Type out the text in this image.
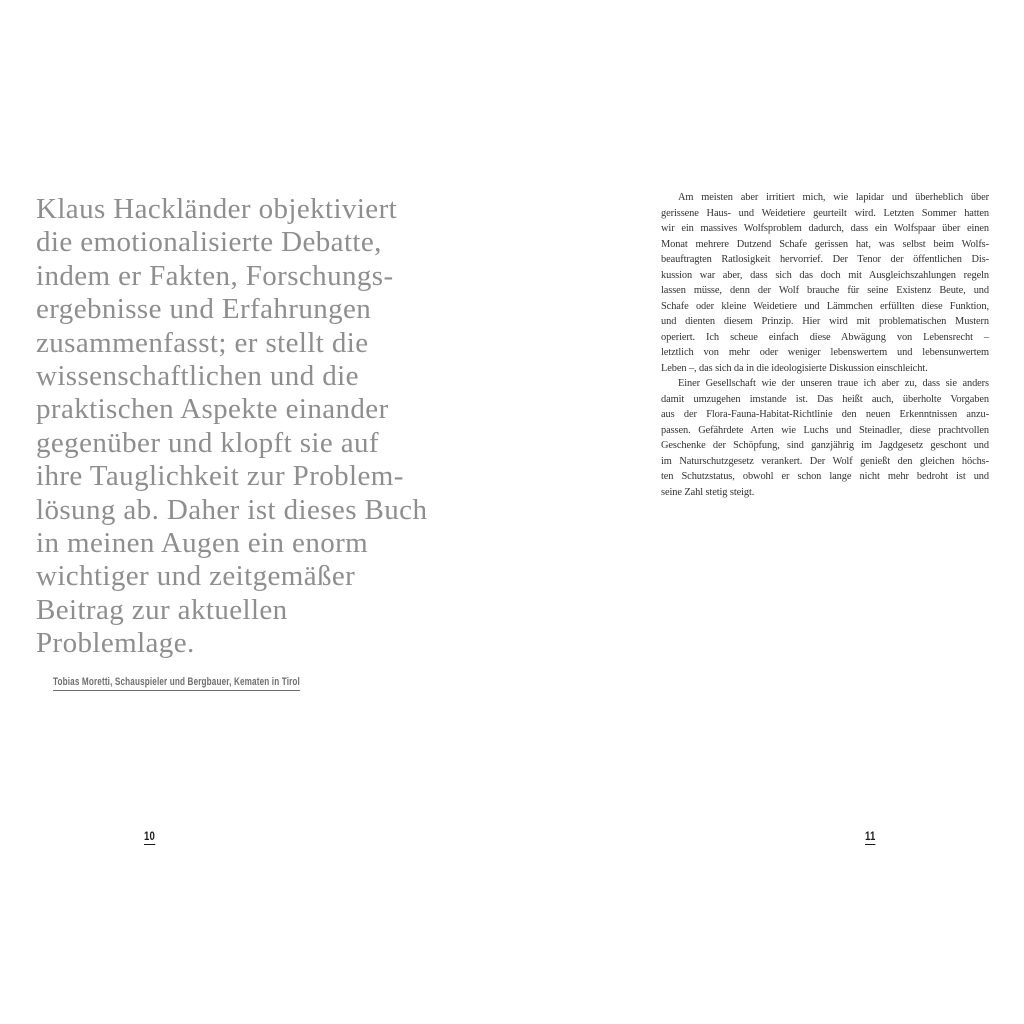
Klaus Hackländer objektiviert
die emotionalisierte Debatte,
indem er Fakten, Forschungs-
ergebnisse und Erfahrungen
zusammenfasst; er stellt die
wissenschaftlichen und die
praktischen Aspekte einander
gegenüber und klopft sie auf
ihre Tauglichkeit zur Problem-
lösung ab. Daher ist dieses Buch
in meinen Augen ein enorm
wichtiger und zeitgemäßer
Beitrag zur aktuellen
Problemlage.

Tobias Moretti, Schauspieler und Bergbauer, Kematen in Tirol

10
Am meisten aber irritiert mich, wie lapidar und überheblich über
gerissene Haus- und Weidetiere geurteilt wird. Letzten Sommer hatten
wir ein massives Wolfsproblem dadurch, dass ein Wolfspaar über einen
Monat mehrere Dutzend Schafe gerissen hat, was selbst beim Wolfs-
beauftragten Ratlosigkeit hervorrief. Der Tenor der öffentlichen Dis-
kussion war aber, dass sich das doch mit Ausgleichszahlungen regeln
lassen müsse, denn der Wolf brauche für seine Existenz Beute, und
Schafe oder kleine Weidetiere und Lämmchen erfüllten diese Funktion,
und dienten diesem Prinzip. Hier wird mit problematischen Mustern
operiert. Ich scheue einfach diese Abwägung von Lebensrecht –
letztlich von mehr oder weniger lebenswertem und lebensunwertem
Leben –, das sich da in die ideologisierte Diskussion einschleicht.
Einer Gesellschaft wie der unseren traue ich aber zu, dass sie anders
damit umzugehen imstande ist. Das heißt auch, überholte Vorgaben
aus der Flora-Fauna-Habitat-Richtlinie den neuen Erkenntnissen anzu-
passen. Gefährdete Arten wie Luchs und Steinadler, diese prachtvollen
Geschenke der Schöpfung, sind ganzjährig im Jagdgesetz geschont und
im Naturschutzgesetz verankert. Der Wolf genießt den gleichen höchs-
ten Schutzstatus, obwohl er schon lange nicht mehr bedroht ist und
seine Zahl stetig steigt.
11
